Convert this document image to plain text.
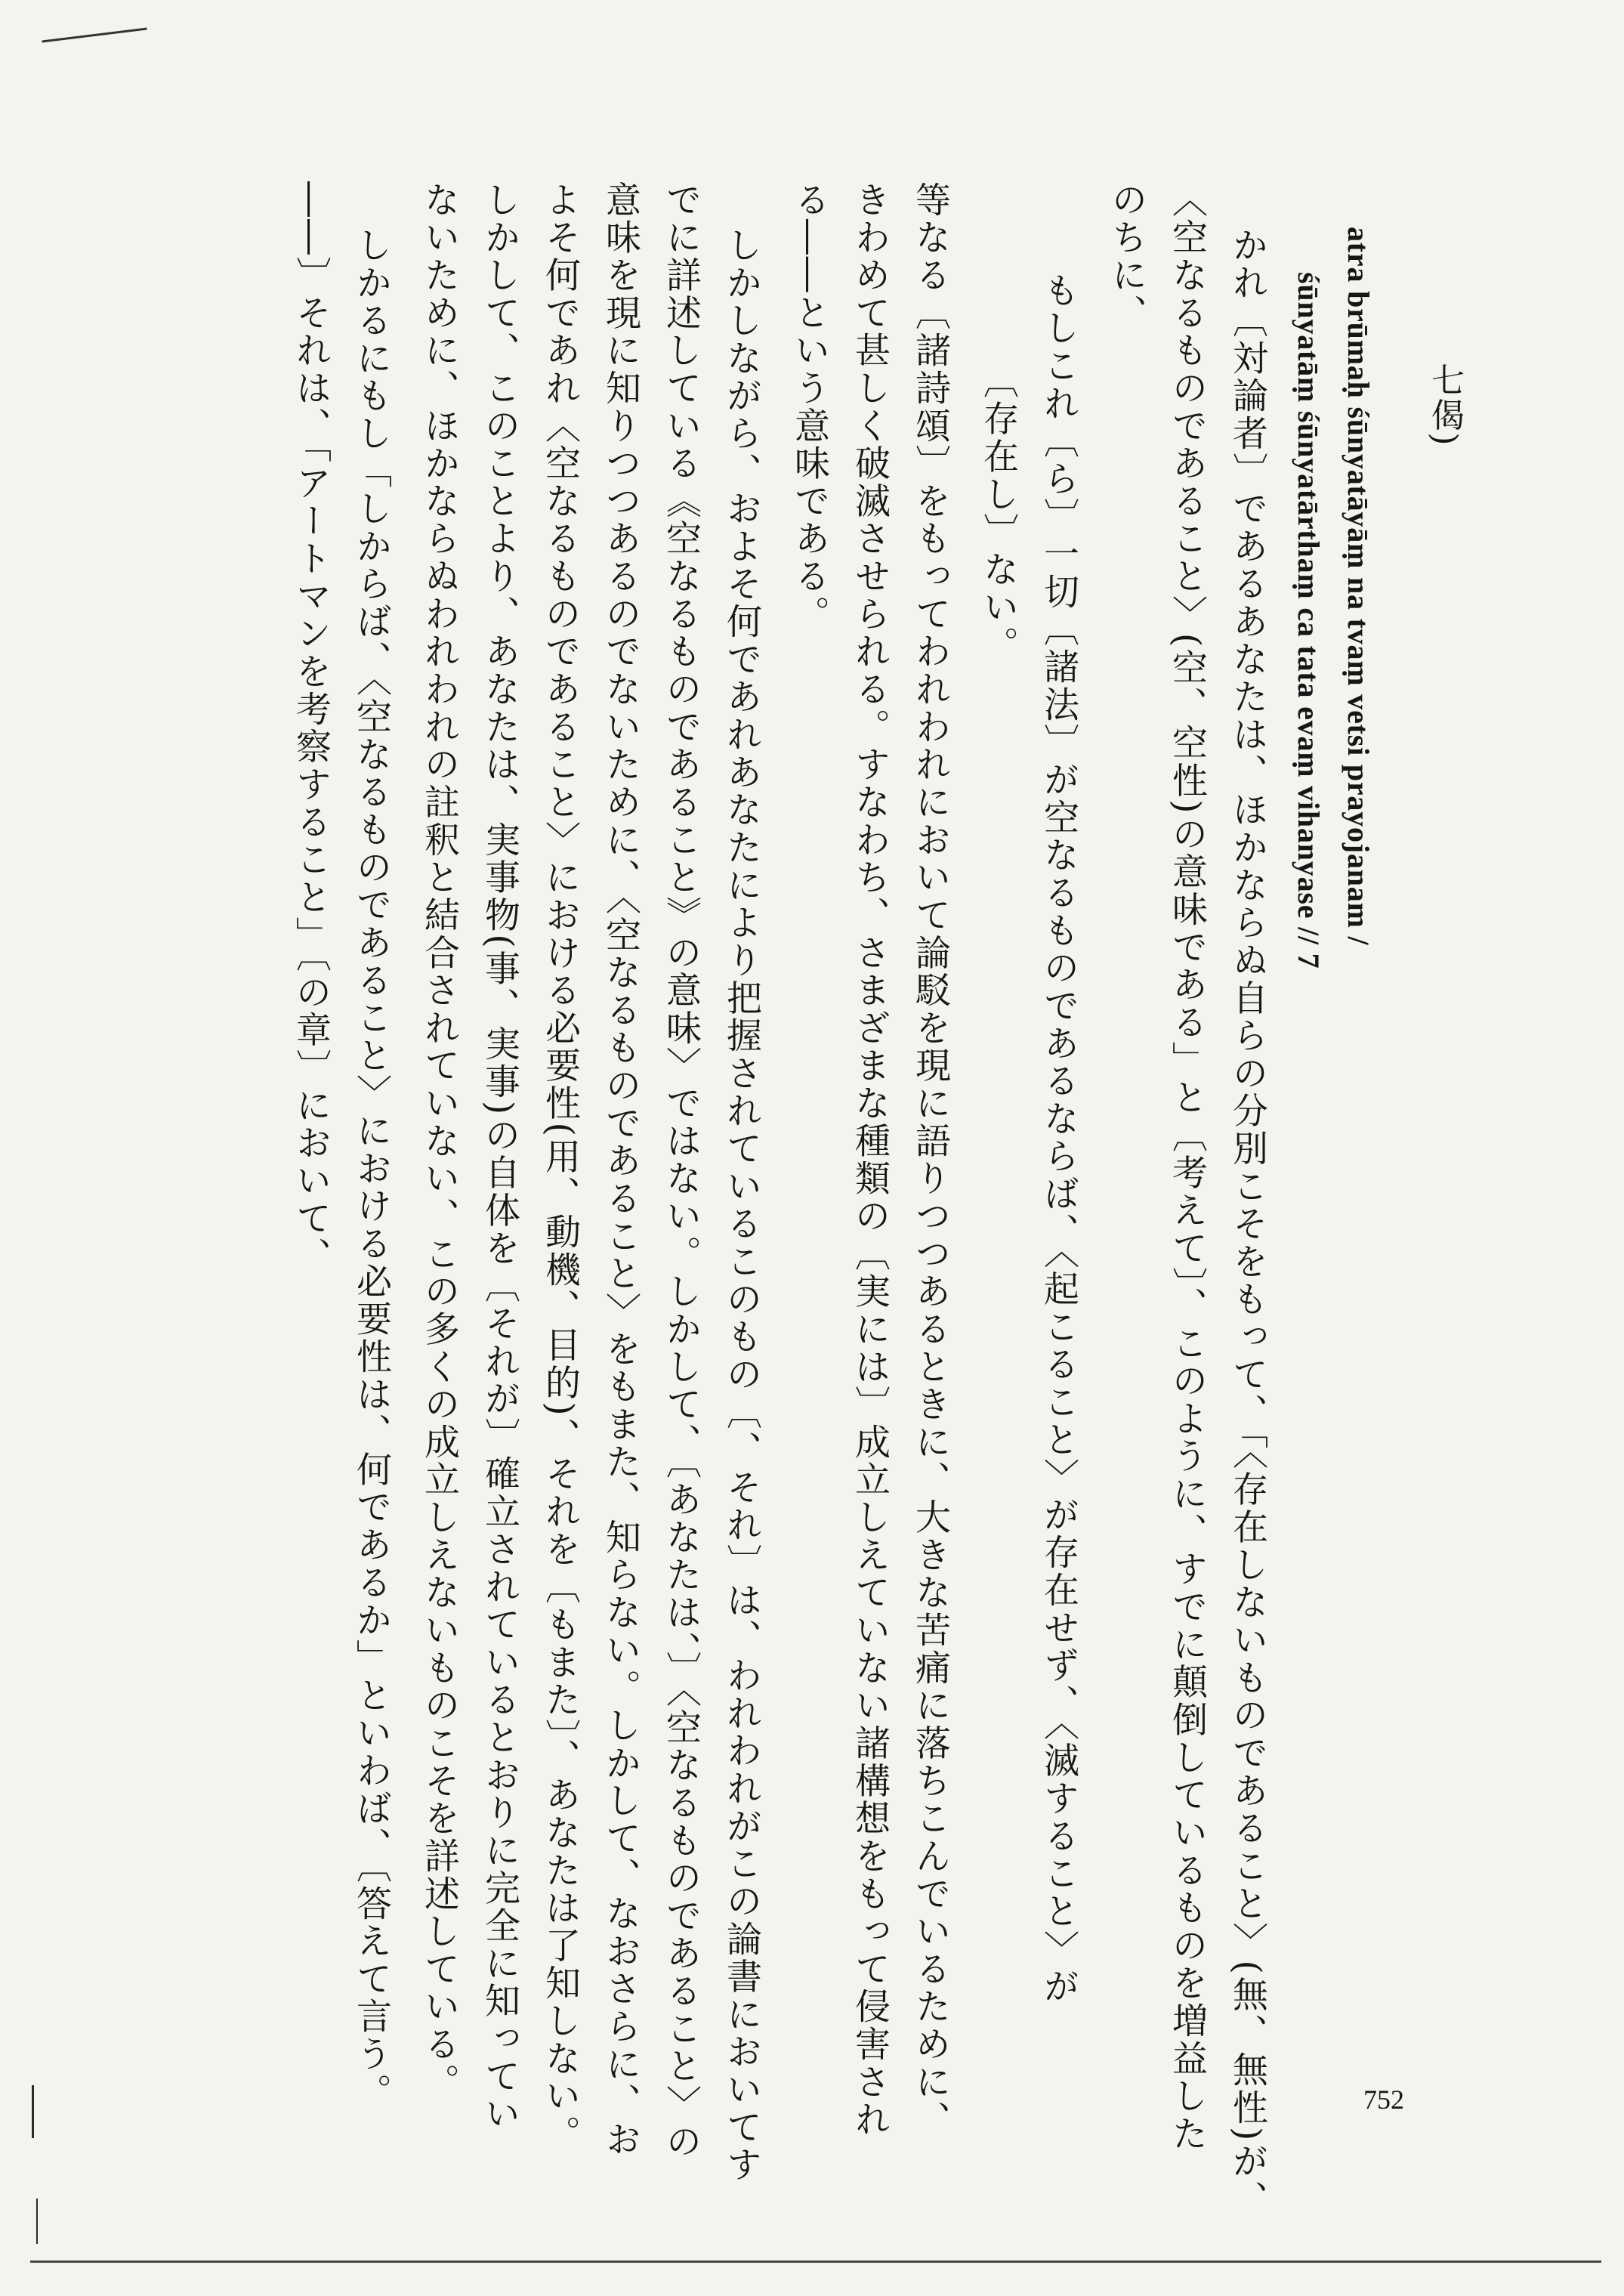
七偈)
atra brūmaḥ śūnyatāyāṃ na tvaṃ vetsi prayojanam /
śūnyatāṃ śūnyatārthaṃ ca tata evaṃ vihanyase // 7
かれ〔対論者〕であるあなたは、ほかならぬ自らの分別こそをもって、「〈存在しないものであること〉(無、無性)が、
〈空なるものであること〉(空、空性)の意味である」と〔考えて〕、このように、すでに顛倒しているものを増益した
のちに、
もしこれ〔ら〕一切〔諸法〕が空なるものであるならば、〈起こること〉が存在せず、〈滅すること〉が
〔存在し〕ない。
等なる〔諸詩頌〕をもってわれわれにおいて論駁を現に語りつつあるときに、大きな苦痛に落ちこんでいるために、
きわめて甚しく破滅させられる。すなわち、さまざまな種類の〔実には〕成立しえていない諸構想をもって侵害され
る――という意味である。
しかしながら、およそ何であれあなたにより把握されているこのもの〔、それ〕は、われわれがこの論書においてす
でに詳述している《空なるものであること》の意味〉ではない。しかして、〔あなたは、〕〈空なるものであること〉の
意味を現に知りつつあるのでないために、〈空なるものであること〉をもまた、知らない。しかして、なおさらに、お
よそ何であれ〈空なるものであること〉における必要性(用、動機、目的)、それを〔もまた〕、あなたは了知しない。
しかして、このことより、あなたは、実事物(事、実事)の自体を〔それが〕確立されているとおりに完全に知ってい
ないために、ほかならぬわれわれの註釈と結合されていない、この多くの成立しえないものこそを詳述している。
しかるにもし「しからば、〈空なるものであること〉における必要性は、何であるか」といわば、〔答えて言う。
――〕それは、「アートマンを考察すること」〔の章〕において、
752
